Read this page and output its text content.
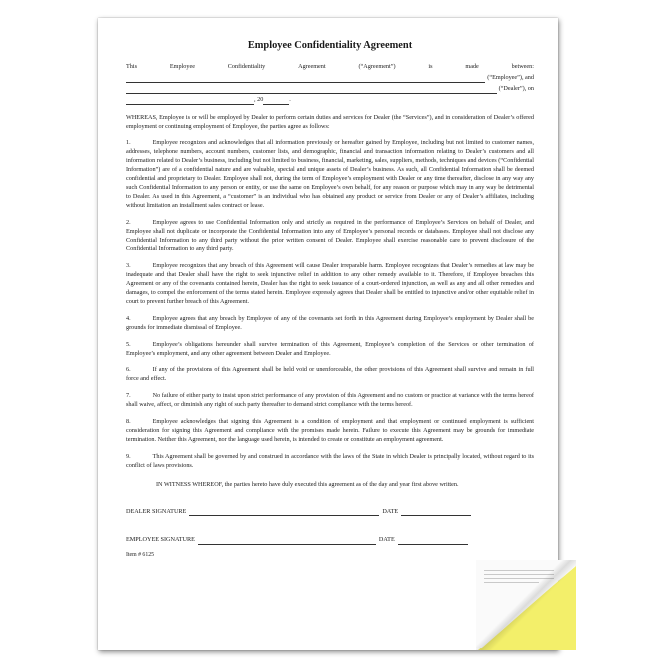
Employee Confidentiality Agreement
This	Employee	Confidentiality	Agreement	(“Agreement”)	is	made	between:
(“Employee”), and
(“Dealer”), on
, 20	.

WHEREAS, Employee is or will be employed by Dealer to perform certain duties and services for Dealer (the “Services”), and in consideration of Dealer’s offered employment or continuing employment of Employee, the parties agree as follows:

1.	Employee recognizes and acknowledges that all information previously or hereafter gained by Employee, including but not limited to customer names, addresses, telephone numbers, account numbers, customer lists, and demographic, financial and transaction information relating to Dealer’s customers and all information related to Dealer’s business, including but not limited to business, financial, marketing, sales, suppliers, methods, techniques and devices (“Confidential Information”) are of a confidential nature and are valuable, special and unique assets of Dealer’s business. As such, all Confidential Information shall be deemed confidential and proprietary to Dealer. Employee shall not, during the term of Employee’s employment with Dealer or any time thereafter, disclose in any way any such Confidential Information to any person or entity, or use the same on Employee’s own behalf, for any reason or purpose which may in any way be detrimental to Dealer. As used in this Agreement, a “customer” is an individual who has obtained any product or service from Dealer or any of Dealer’s affiliates, including without limitation an installment sales contract or lease.

2.	Employee agrees to use Confidential Information only and strictly as required in the performance of Employee’s Services on behalf of Dealer, and Employee shall not duplicate or incorporate the Confidential Information into any of Employee’s personal records or databases. Employee shall not disclose any Confidential Information to any third party without the prior written consent of Dealer. Employee shall exercise reasonable care to prevent disclosure of the Confidential Information to any third party.

3.	Employee recognizes that any breach of this Agreement will cause Dealer irreparable harm. Employee recognizes that Dealer’s remedies at law may be inadequate and that Dealer shall have the right to seek injunctive relief in addition to any other remedy available to it. Therefore, if Employee breaches this Agreement or any of the covenants contained herein, Dealer has the right to seek issuance of a court-ordered injunction, as well as any and all other remedies and damages, to compel the enforcement of the terms stated herein. Employee expressly agrees that Dealer shall be entitled to injunctive and/or other equitable relief in court to prevent further breach of this Agreement.

4.	Employee agrees that any breach by Employee of any of the covenants set forth in this Agreement during Employee’s employment by Dealer shall be grounds for immediate dismissal of Employee.

5.	Employee’s obligations hereunder shall survive termination of this Agreement, Employee’s completion of the Services or other termination of Employee’s employment, and any other agreement between Dealer and Employee.

6.	If any of the provisions of this Agreement shall be held void or unenforceable, the other provisions of this Agreement shall survive and remain in full force and effect.

7.	No failure of either party to insist upon strict performance of any provision of this Agreement and no custom or practice at variance with the terms hereof shall waive, affect, or diminish any right of such party thereafter to demand strict compliance with the terms hereof.

8.	Employee acknowledges that signing this Agreement is a condition of employment and that employment or continued employment is sufficient consideration for signing this Agreement and compliance with the promises made herein. Failure to execute this Agreement may be grounds for immediate termination. Neither this Agreement, nor the language used herein, is intended to create or constitute an employment agreement.

9.	This Agreement shall be governed by and construed in accordance with the laws of the State in which Dealer is principally located, without regard to its conflict of laws provisions.

IN WITNESS WHEREOF, the parties hereto have duly executed this agreement as of the day and year first above written.

DEALER SIGNATURE	DATE
EMPLOYEE SIGNATURE	DATE
Item # 6125
